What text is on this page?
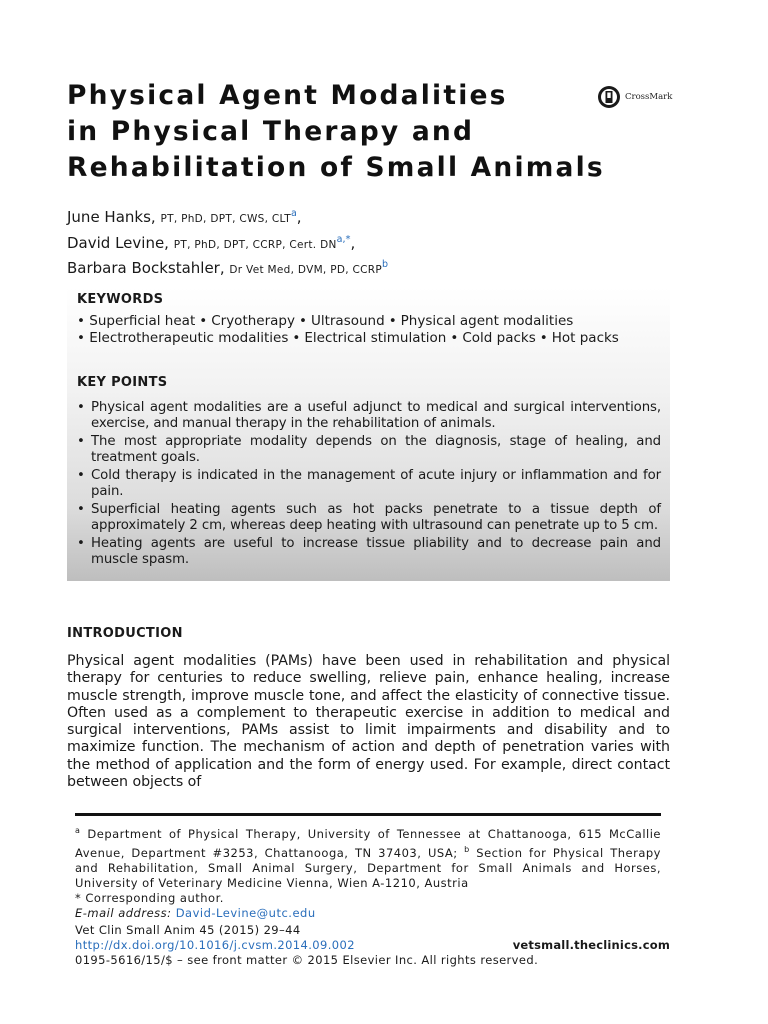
Physical Agent Modalities
in Physical Therapy and
Rehabilitation of Small Animals
CrossMark
June Hanks, PT, PhD, DPT, CWS, CLT$^a$,
David Levine, PT, PhD, DPT, CCRP, Cert. $DN^{a,*}$,
Barbara Bockstahler, Dr Vet Med, DVM, PD, CCRP$^b$
KEYWORDS
• Superficial heat • Cryotherapy • Ultrasound • Physical agent modalities
• Electrotherapeutic modalities • Electrical stimulation • Cold packs • Hot packs
KEY POINTS
• Physical agent modalities are a useful adjunct to medical and surgical interventions, exercise, and manual therapy in the rehabilitation of animals.
• The most appropriate modality depends on the diagnosis, stage of healing, and treatment goals.
• Cold therapy is indicated in the management of acute injury or inflammation and for pain.
• Superficial heating agents such as hot packs penetrate to a tissue depth of approximately 2 cm, whereas deep heating with ultrasound can penetrate up to 5 cm.
• Heating agents are useful to increase tissue pliability and to decrease pain and muscle spasm.
INTRODUCTION

Physical agent modalities (PAMs) have been used in rehabilitation and physical therapy for centuries to reduce swelling, relieve pain, enhance healing, increase muscle strength, improve muscle tone, and affect the elasticity of connective tissue. Often used as a complement to therapeutic exercise in addition to medical and surgical interventions, PAMs assist to limit impairments and disability and to maximize function. The mechanism of action and depth of penetration varies with the method of application and the form of energy used. For example, direct contact between objects of

$^a$ Department of Physical Therapy, University of Tennessee at Chattanooga, 615 McCallie Avenue, Department #3253, Chattanooga, TN 37403, USA; $^b$ Section for Physical Therapy and Rehabilitation, Small Animal Surgery, Department for Small Animals and Horses, University of Veterinary Medicine Vienna, Wien A-1210, Austria

* Corresponding author.

E-mail address: David-Levine@utc.edu

Vet Clin Small Anim 45 (2015) 29–44
http://dx.doi.org/10.1016/j.cvsm.2014.09.002	vetsmall.theclinics.com
0195-5616/15/$ – see front matter © 2015 Elsevier Inc. All rights reserved.
